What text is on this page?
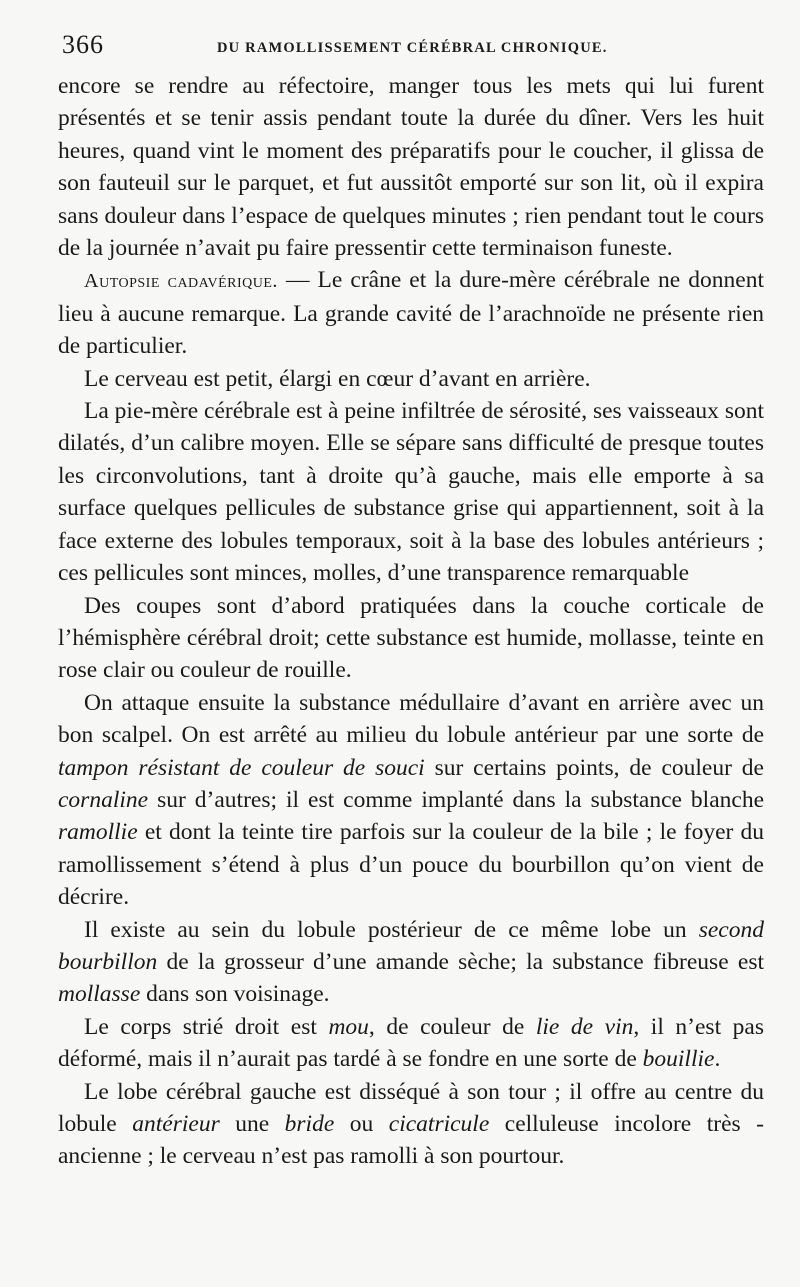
366	DU RAMOLLISSEMENT CÉRÉBRAL CHRONIQUE.

encore se rendre au réfectoire, manger tous les mets qui lui furent présentés et se tenir assis pendant toute la durée du dîner. Vers les huit heures, quand vint le moment des préparatifs pour le coucher, il glissa de son fauteuil sur le parquet, et fut aussitôt emporté sur son lit, où il expira sans douleur dans l’espace de quelques minutes ; rien pendant tout le cours de la journée n’avait pu faire pressentir cette terminaison funeste.

Autopsie cadavérique. — Le crâne et la dure-mère cérébrale ne donnent lieu à aucune remarque. La grande cavité de l’arachnoïde ne présente rien de particulier.

Le cerveau est petit, élargi en cœur d’avant en arrière.

La pie-mère cérébrale est à peine infiltrée de sérosité, ses vaisseaux sont dilatés, d’un calibre moyen. Elle se sépare sans difficulté de presque toutes les circonvolutions, tant à droite qu’à gauche, mais elle emporte à sa surface quelques pellicules de substance grise qui appartiennent, soit à la face externe des lobules temporaux, soit à la base des lobules antérieurs ; ces pellicules sont minces, molles, d’une transparence remarquable

Des coupes sont d’abord pratiquées dans la couche corticale de l’hémisphère cérébral droit; cette substance est humide, mollasse, teinte en rose clair ou couleur de rouille.

On attaque ensuite la substance médullaire d’avant en arrière avec un bon scalpel. On est arrêté au milieu du lobule antérieur par une sorte de tampon résistant de couleur de souci sur certains points, de couleur de cornaline sur d’autres; il est comme implanté dans la substance blanche ramollie et dont la teinte tire parfois sur la couleur de la bile ; le foyer du ramollissement s’étend à plus d’un pouce du bourbillon qu’on vient de décrire.

Il existe au sein du lobule postérieur de ce même lobe un second bourbillon de la grosseur d’une amande sèche; la substance fibreuse est mollasse dans son voisinage.

Le corps strié droit est mou, de couleur de lie de vin, il n’est pas déformé, mais il n’aurait pas tardé à se fondre en une sorte de bouillie.

Le lobe cérébral gauche est disséqué à son tour ; il offre au centre du lobule antérieur une bride ou cicatricule celluleuse incolore très - ancienne ; le cerveau n’est pas ramolli à son pourtour.
